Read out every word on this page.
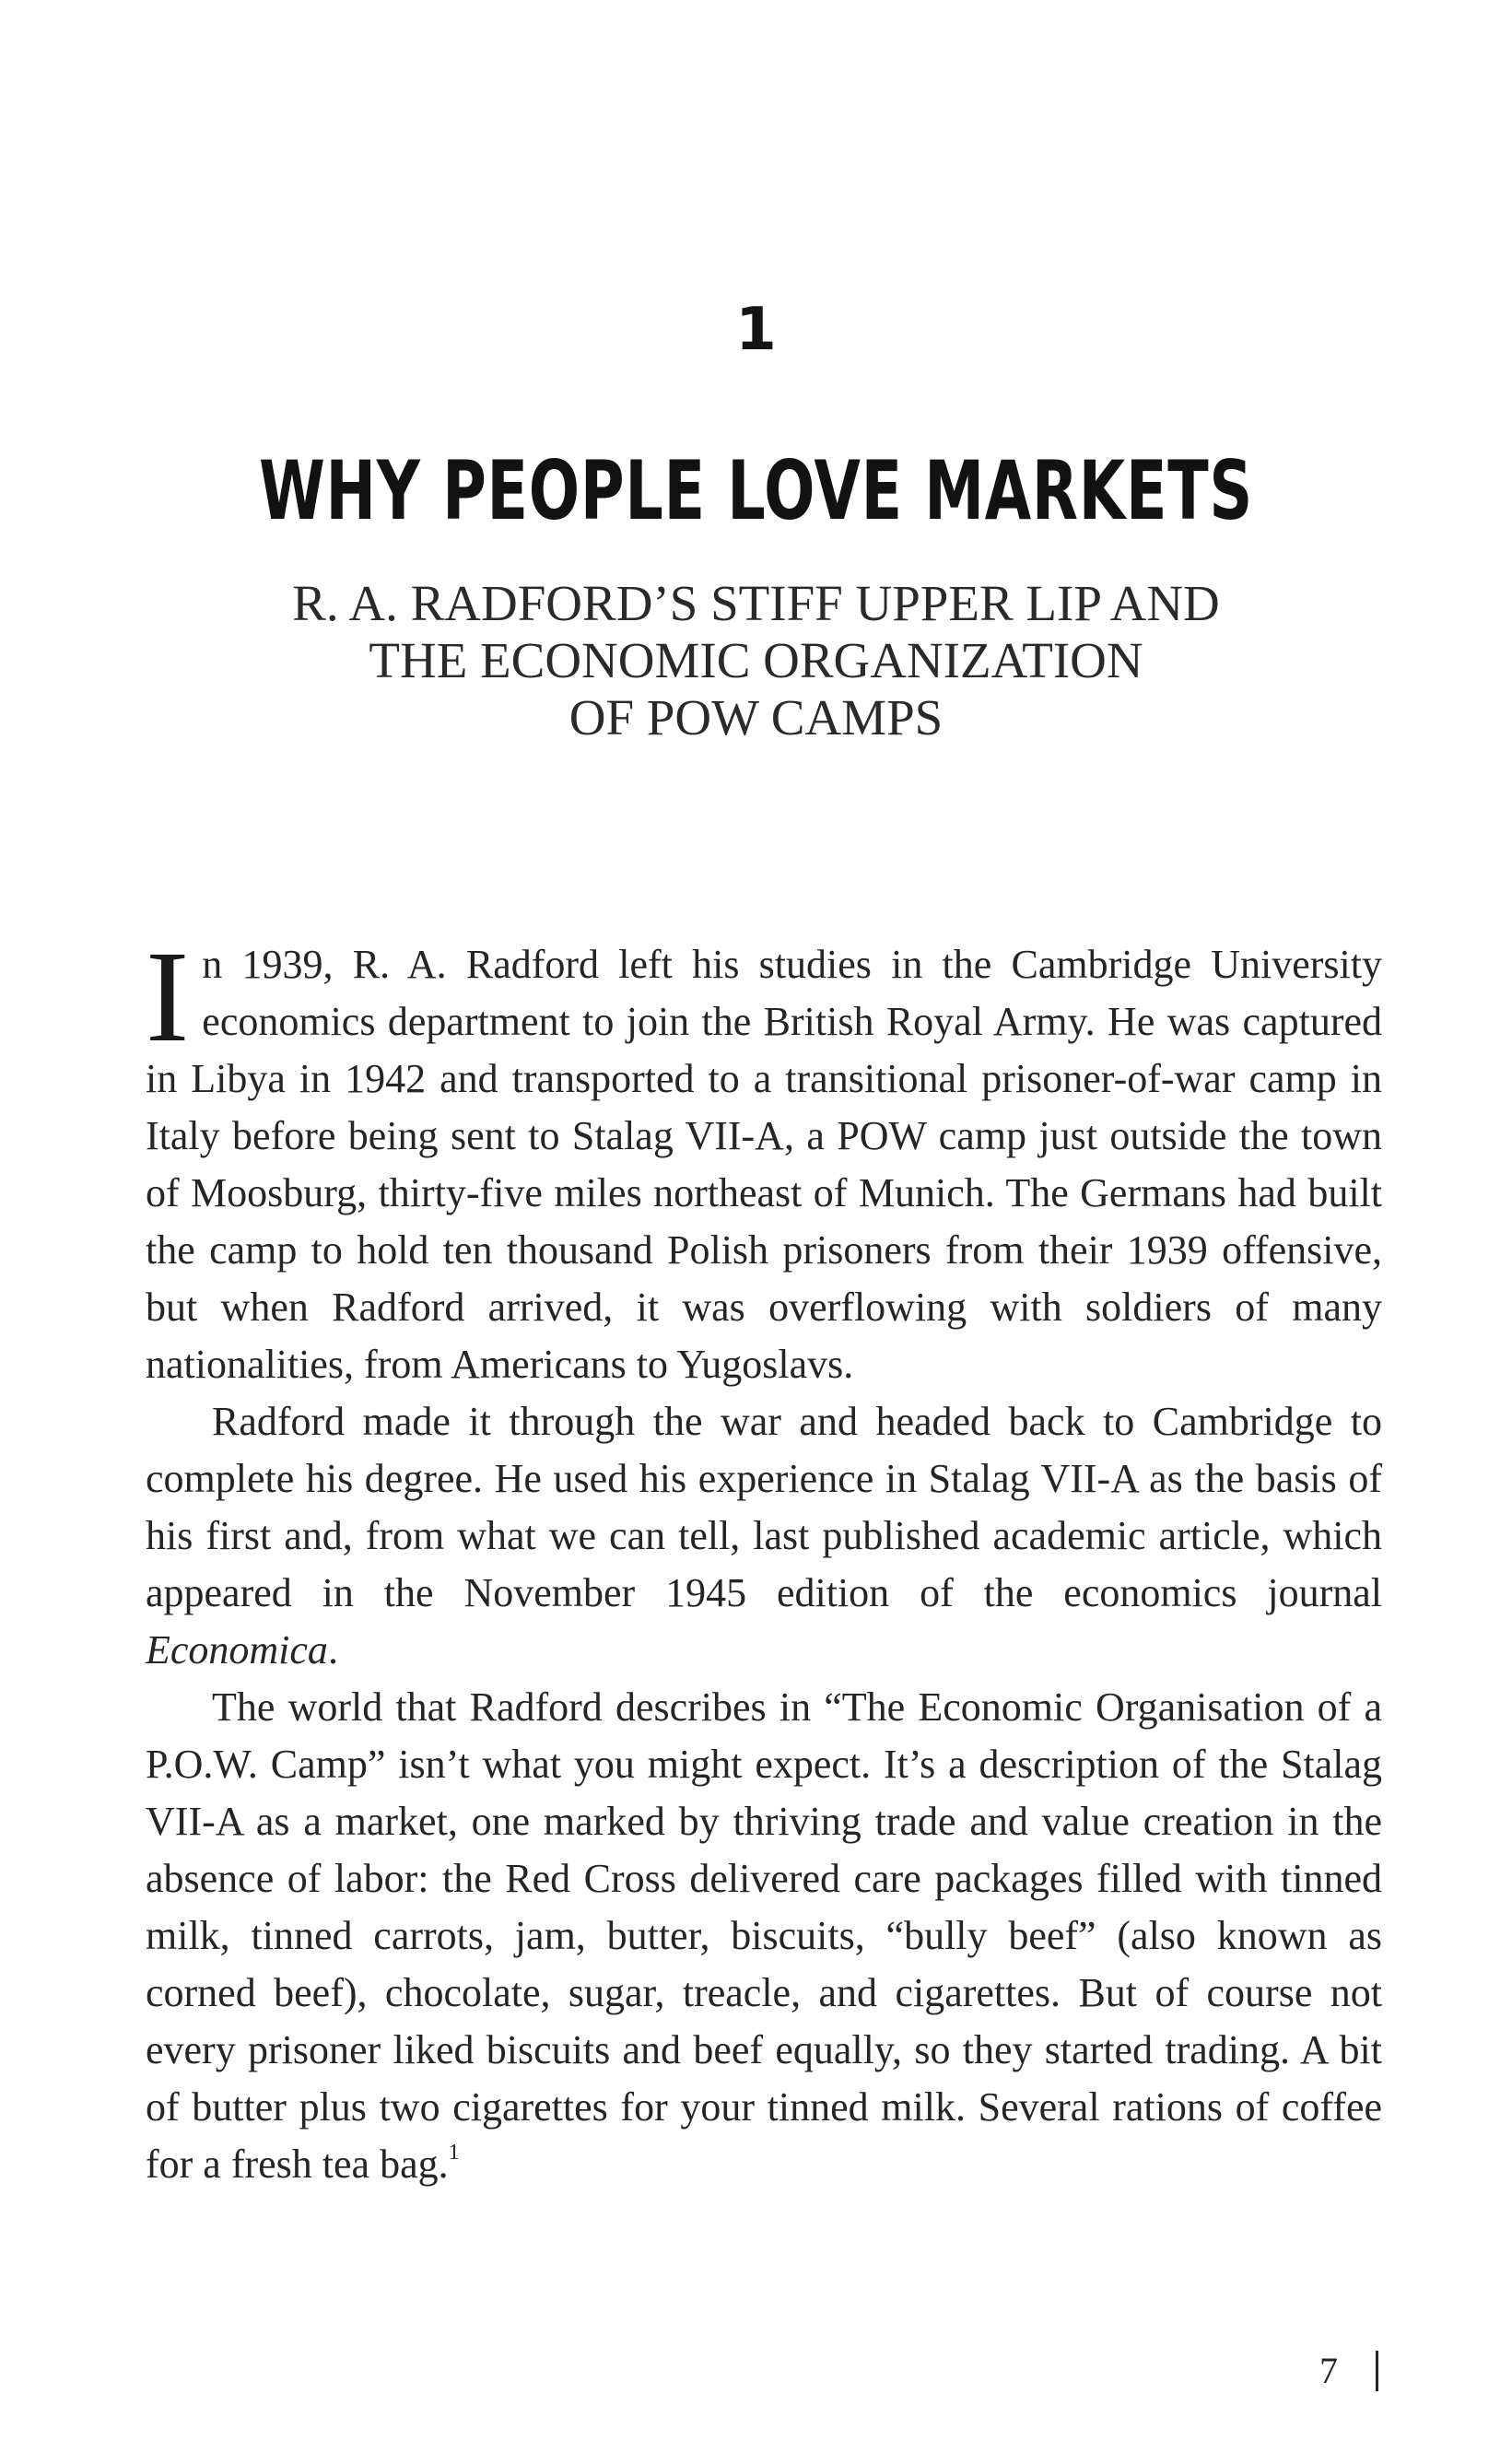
1
WHY PEOPLE LOVE MARKETS
R. A. RADFORD’S STIFF UPPER LIP AND
THE ECONOMIC ORGANIZATION
OF POW CAMPS

In 1939, R. A. Radford left his studies in the Cambridge University economics department to join the British Royal Army. He was captured in Libya in 1942 and transported to a transitional prisoner-of-war camp in Italy before being sent to Stalag VII-A, a POW camp just outside the town of Moosburg, thirty-five miles northeast of Munich. The Germans had built the camp to hold ten thousand Polish prisoners from their 1939 offensive, but when Radford arrived, it was overflowing with soldiers of many nationalities, from Americans to Yugoslavs.

Radford made it through the war and headed back to Cambridge to complete his degree. He used his experience in Stalag VII-A as the basis of his first and, from what we can tell, last published academic article, which appeared in the November 1945 edition of the economics journal Economica.

The world that Radford describes in “The Economic Organisation of a P.O.W. Camp” isn’t what you might expect. It’s a description of the Stalag VII-A as a market, one marked by thriving trade and value creation in the absence of labor: the Red Cross delivered care packages filled with tinned milk, tinned carrots, jam, butter, biscuits, “bully beef” (also known as corned beef), chocolate, sugar, treacle, and cigarettes. But of course not every prisoner liked biscuits and beef equally, so they started trading. A bit of butter plus two cigarettes for your tinned milk. Several rations of coffee for a fresh tea bag.$^1$

7
